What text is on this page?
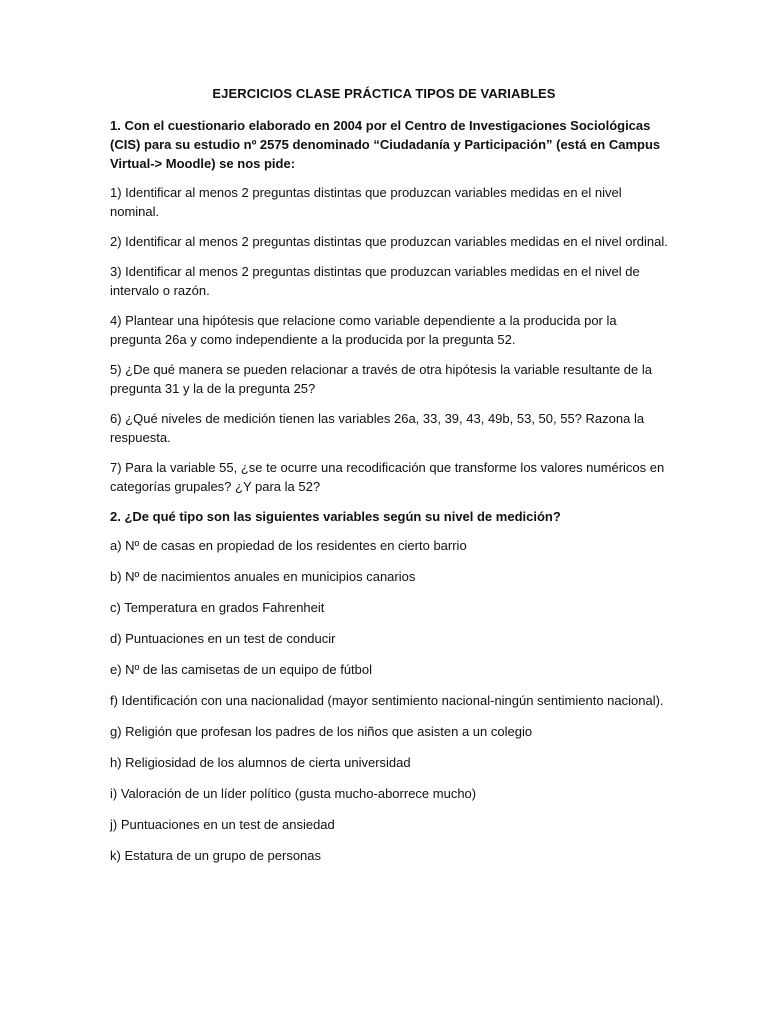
EJERCICIOS CLASE PRÁCTICA TIPOS DE VARIABLES
1. Con el cuestionario elaborado en 2004 por el Centro de Investigaciones Sociológicas (CIS) para su estudio nº 2575 denominado “Ciudadanía y Participación” (está en Campus Virtual-> Moodle) se nos pide:
1) Identificar al menos 2 preguntas distintas que produzcan variables medidas en el nivel nominal.
2) Identificar al menos 2 preguntas distintas que produzcan variables medidas en el nivel ordinal.
3) Identificar al menos 2 preguntas distintas que produzcan variables medidas en el nivel de intervalo o razón.
4) Plantear una hipótesis que relacione como variable dependiente a la producida por la pregunta 26a y como independiente a la producida por la pregunta 52.
5) ¿De qué manera se pueden relacionar a través de otra hipótesis la variable resultante de la pregunta 31 y la de la pregunta 25?
6) ¿Qué niveles de medición tienen las variables 26a, 33, 39, 43, 49b, 53, 50, 55? Razona la respuesta.
7) Para la variable 55, ¿se te ocurre una recodificación que transforme los valores numéricos en categorías grupales? ¿Y para la 52?
2. ¿De qué tipo son las siguientes variables según su nivel de medición?
a) Nº de casas en propiedad de los residentes en cierto barrio
b) Nº de nacimientos anuales en municipios canarios
c) Temperatura en grados Fahrenheit
d) Puntuaciones en un test de conducir
e) Nº de las camisetas de un equipo de fútbol
f) Identificación con una nacionalidad (mayor sentimiento nacional-ningún sentimiento nacional).
g) Religión que profesan los padres de los niños que asisten a un colegio
h) Religiosidad de los alumnos de cierta universidad
i) Valoración de un líder político (gusta mucho-aborrece mucho)
j) Puntuaciones en un test de ansiedad
k) Estatura de un grupo de personas
